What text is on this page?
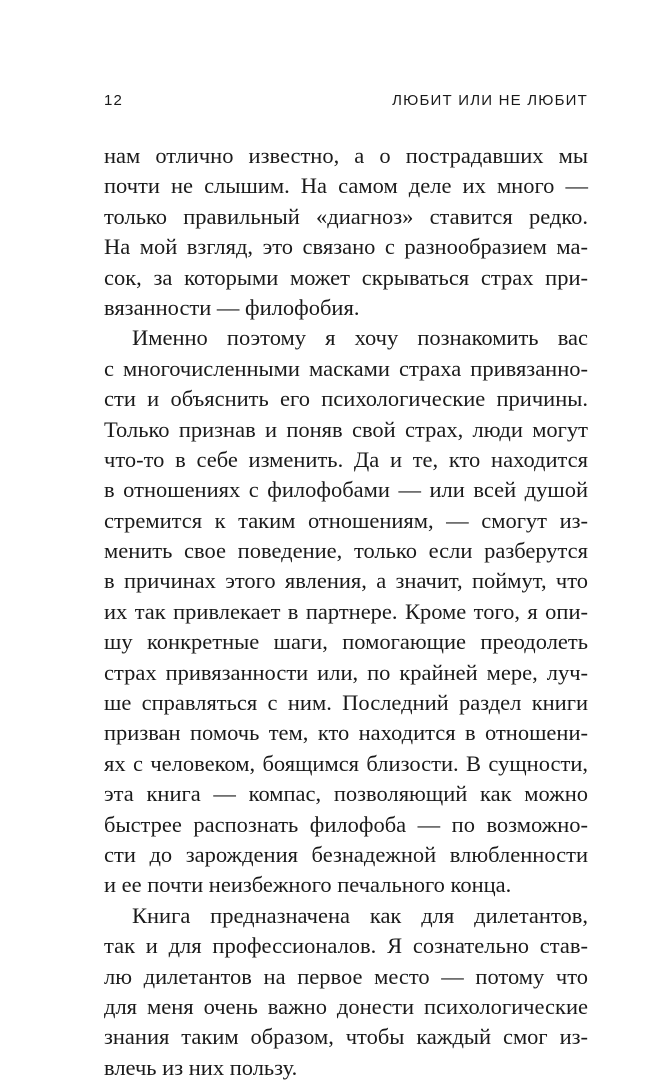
12	ЛЮБИТ ИЛИ НЕ ЛЮБИТ
нам отлично известно, а о пострадавших мы
почти не слышим. На самом деле их много —
только правильный «диагноз» ставится редко.
На мой взгляд, это связано с разнообразием ма-
сок, за которыми может скрываться страх при-
вязанности — филофобия.
Именно поэтому я хочу познакомить вас
с многочисленными масками страха привязанно-
сти и объяснить его психологические причины.
Только признав и поняв свой страх, люди могут
что-то в себе изменить. Да и те, кто находится
в отношениях с филофобами — или всей душой
стремится к таким отношениям, — смогут из-
менить свое поведение, только если разберутся
в причинах этого явления, а значит, поймут, что
их так привлекает в партнере. Кроме того, я опи-
шу конкретные шаги, помогающие преодолеть
страх привязанности или, по крайней мере, луч-
ше справляться с ним. Последний раздел книги
призван помочь тем, кто находится в отношени-
ях с человеком, боящимся близости. В сущности,
эта книга — компас, позволяющий как можно
быстрее распознать филофоба — по возможно-
сти до зарождения безнадежной влюбленности
и ее почти неизбежного печального конца.
Книга предназначена как для дилетантов,
так и для профессионалов. Я сознательно став-
лю дилетантов на первое место — потому что
для меня очень важно донести психологические
знания таким образом, чтобы каждый смог из-
влечь из них пользу.
